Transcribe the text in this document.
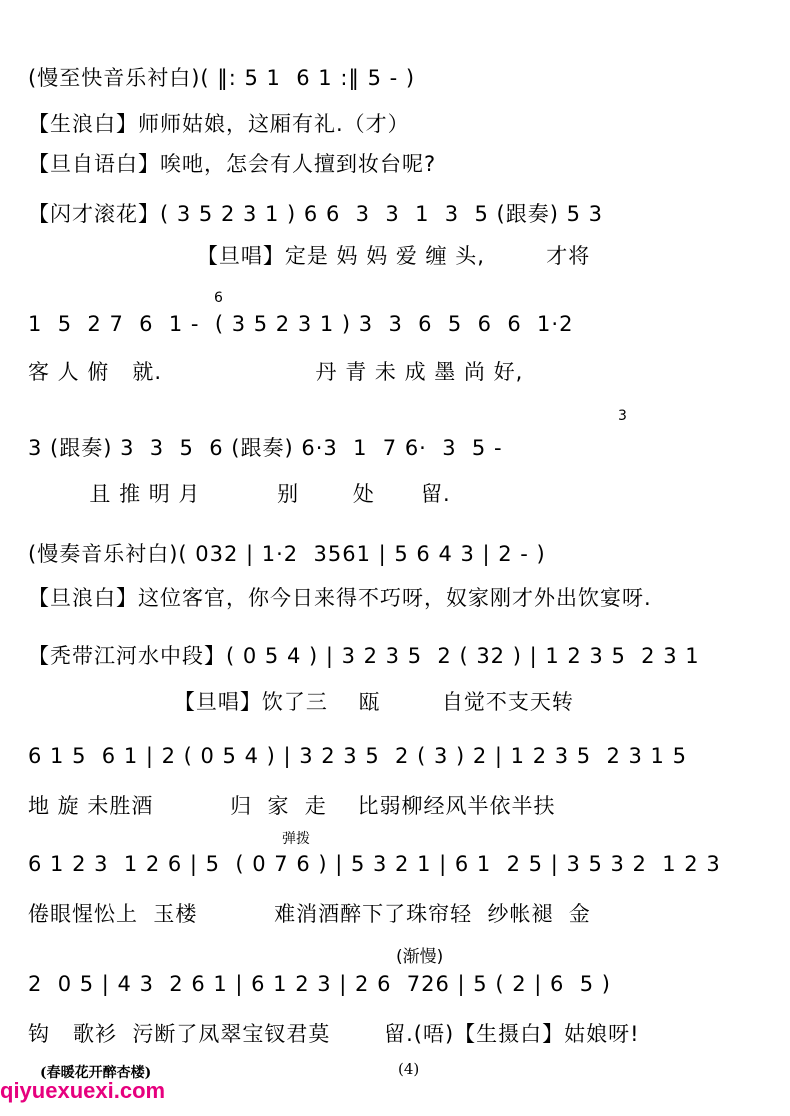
(慢至快音乐衬白)( ‖: 5 1  6 1 :‖ 5 ‑ )
【生浪白】师师姑娘，这厢有礼.（才）
【旦自语白】唉吔，怎会有人擅到妆台呢?
【闪才滚花】( 3 5 2 3 1 ) 6 6  3  3  1  3  5 (跟奏) 5 3
【旦唱】定是 妈 妈 爱 缠 头,        才将
6
1  5  2 7  6  1 ‑  ( 3 5 2 3 1 ) 3  3  6  5  6  6  1·2
客 人 俯   就.                    丹 青 未 成 墨 尚 好,
3
3 (跟奏) 3  3  5  6 (跟奏) 6·3  1  7 6·  3  5 ‑
且 推 明 月          别       处      留.
(慢奏音乐衬白)( 032 | 1·2  3561 | 5 6 4 3 | 2 ‑ )
【旦浪白】这位客官，你今日来得不巧呀，奴家刚才外出饮宴呀.
【秃带江河水中段】( 0 5 4 ) | 3 2 3 5  2 ( 32 ) | 1 2 3 5  2 3 1
【旦唱】饮了三    瓯        自觉不支天转
6 1 5  6 1 | 2 ( 0 5 4 ) | 3 2 3 5  2 ( 3 ) 2 | 1 2 3 5  2 3 1 5
地 旋 未胜酒          归  家  走    比弱柳经风半依半扶
弹拨
6 1 2 3  1 2 6 | 5  ( 0 7 6 ) | 5 3 2 1 | 6 1  2 5 | 3 5 3 2  1 2 3
倦眼惺忪上  玉楼          难消酒醉下了珠帘轻  纱帐褪  金
(渐慢)
2  0 5 | 4 3  2 6 1 | 6 1 2 3 | 2 6  726 | 5 ( 2 | 6  5 )
钩   歌衫  污断了凤翠宝钗君莫       留.(唔)【生摄白】姑娘呀!
(春暖花开醉杏楼)	(4)
qiyuexuexi.com
